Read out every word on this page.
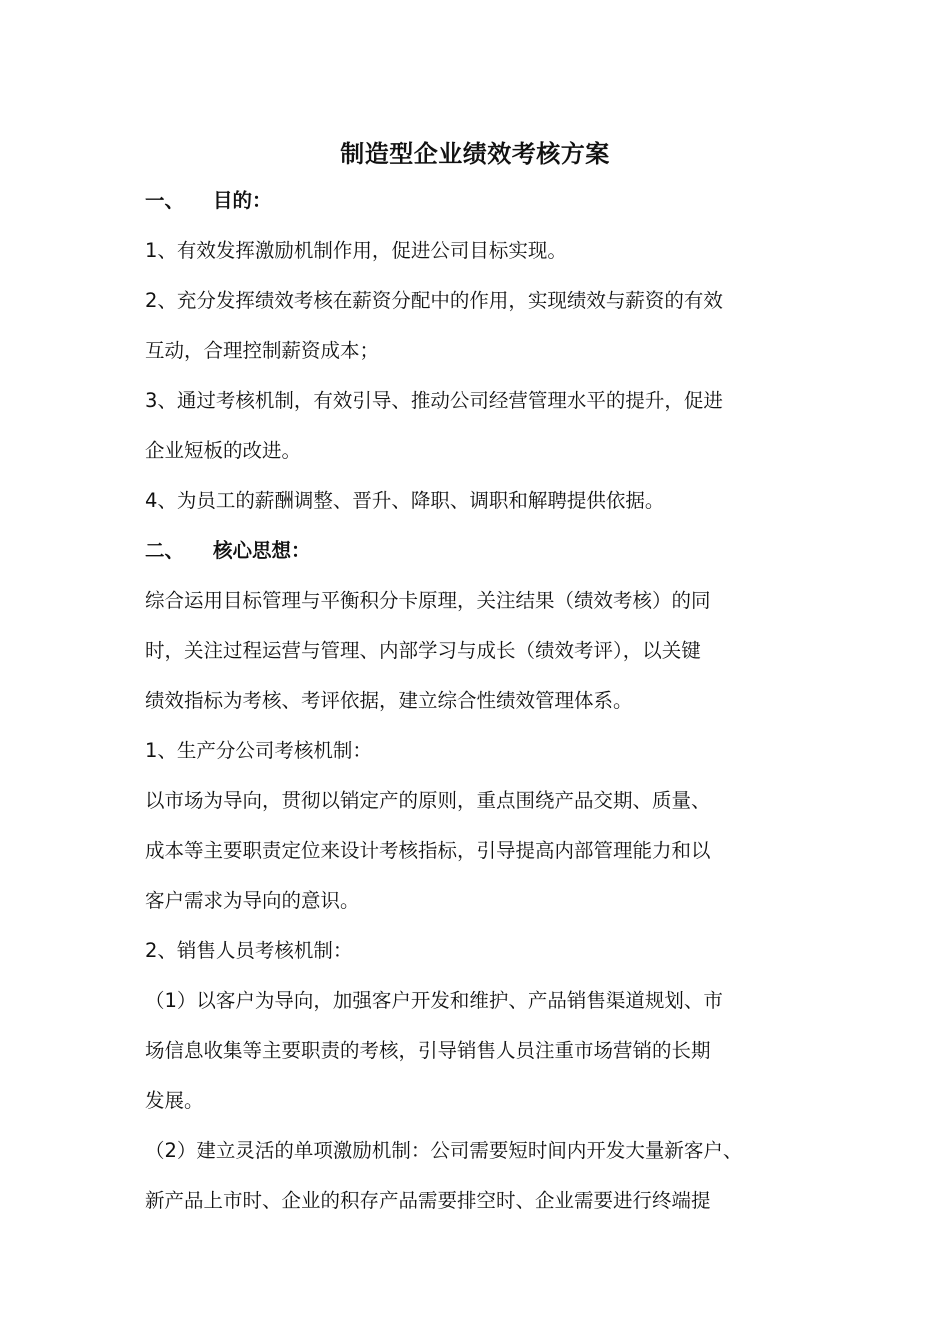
制造型企业绩效考核方案
一、 目的：
1、有效发挥激励机制作用，促进公司目标实现。
2、充分发挥绩效考核在薪资分配中的作用，实现绩效与薪资的有效
互动，合理控制薪资成本；
3、通过考核机制，有效引导、推动公司经营管理水平的提升，促进
企业短板的改进。
4、为员工的薪酬调整、晋升、降职、调职和解聘提供依据。
二、 核心思想：
综合运用目标管理与平衡积分卡原理，关注结果（绩效考核）的同
时，关注过程运营与管理、内部学习与成长（绩效考评），以关键
绩效指标为考核、考评依据，建立综合性绩效管理体系。
1、生产分公司考核机制：
以市场为导向，贯彻以销定产的原则，重点围绕产品交期、质量、
成本等主要职责定位来设计考核指标，引导提高内部管理能力和以
客户需求为导向的意识。
2、销售人员考核机制：
（1）以客户为导向，加强客户开发和维护、产品销售渠道规划、市
场信息收集等主要职责的考核，引导销售人员注重市场营销的长期
发展。
（2）建立灵活的单项激励机制：公司需要短时间内开发大量新客户、
新产品上市时、企业的积存产品需要排空时、企业需要进行终端提
